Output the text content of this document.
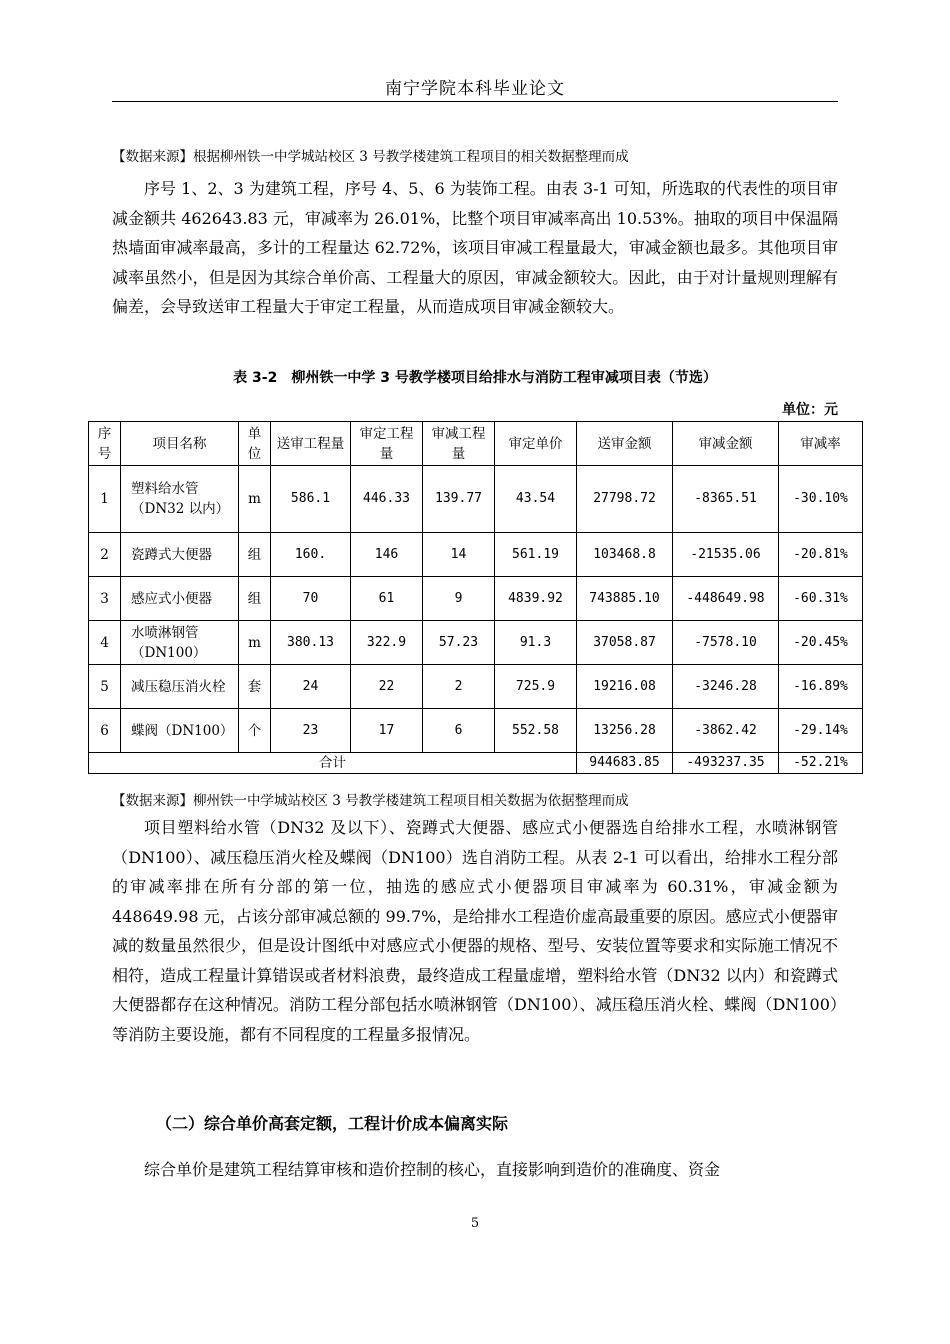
南宁学院本科毕业论文
【数据来源】根据柳州铁一中学城站校区 3 号教学楼建筑工程项目的相关数据整理而成

序号 1、2、3 为建筑工程，序号 4、5、6 为装饰工程。由表 3-1 可知，所选取的代表性的项目审减金额共 462643.83 元，审减率为 26.01%，比整个项目审减率高出 10.53%。抽取的项目中保温隔热墙面审减率最高，多计的工程量达 62.72%，该项目审减工程量最大，审减金额也最多。其他项目审减率虽然小，但是因为其综合单价高、工程量大的原因，审减金额较大。因此，由于对计量规则理解有偏差，会导致送审工程量大于审定工程量，从而造成项目审减金额较大。

表 3-2　柳州铁一中学 3 号教学楼项目给排水与消防工程审减项目表（节选）
单位：元
序号	项目名称	单位	送审工程量	审定工程量	审减工程量	审定单价	送审金额	审减金额	审减率
1	塑料给水管（DN32 以内）	m	586.1	446.33	139.77	43.54	27798.72	-8365.51	-30.10%
2	瓷蹲式大便器	组	160.	146	14	561.19	103468.8	-21535.06	-20.81%
3	感应式小便器	组	70	61	9	4839.92	743885.10	-448649.98	-60.31%
4	水喷淋钢管（DN100）	m	380.13	322.9	57.23	91.3	37058.87	-7578.10	-20.45%
5	减压稳压消火栓	套	24	22	2	725.9	19216.08	-3246.28	-16.89%
6	蝶阀（DN100）	个	23	17	6	552.58	13256.28	-3862.42	-29.14%
合计							944683.85	-493237.35	-52.21%
【数据来源】柳州铁一中学城站校区 3 号教学楼建筑工程项目相关数据为依据整理而成

项目塑料给水管（DN32 及以下）、瓷蹲式大便器、感应式小便器选自给排水工程，水喷淋钢管（DN100）、减压稳压消火栓及蝶阀（DN100）选自消防工程。从表 2-1 可以看出，给排水工程分部的审减率排在所有分部的第一位，抽选的感应式小便器项目审减率为 60.31%，审减金额为 448649.98 元，占该分部审减总额的 99.7%，是给排水工程造价虚高最重要的原因。感应式小便器审减的数量虽然很少，但是设计图纸中对感应式小便器的规格、型号、安装位置等要求和实际施工情况不相符，造成工程量计算错误或者材料浪费，最终造成工程量虚增，塑料给水管（DN32 以内）和瓷蹲式大便器都存在这种情况。消防工程分部包括水喷淋钢管（DN100）、减压稳压消火栓、蝶阀（DN100）等消防主要设施，都有不同程度的工程量多报情况。

（二）综合单价高套定额，工程计价成本偏离实际

综合单价是建筑工程结算审核和造价控制的核心，直接影响到造价的准确度、资金

5
